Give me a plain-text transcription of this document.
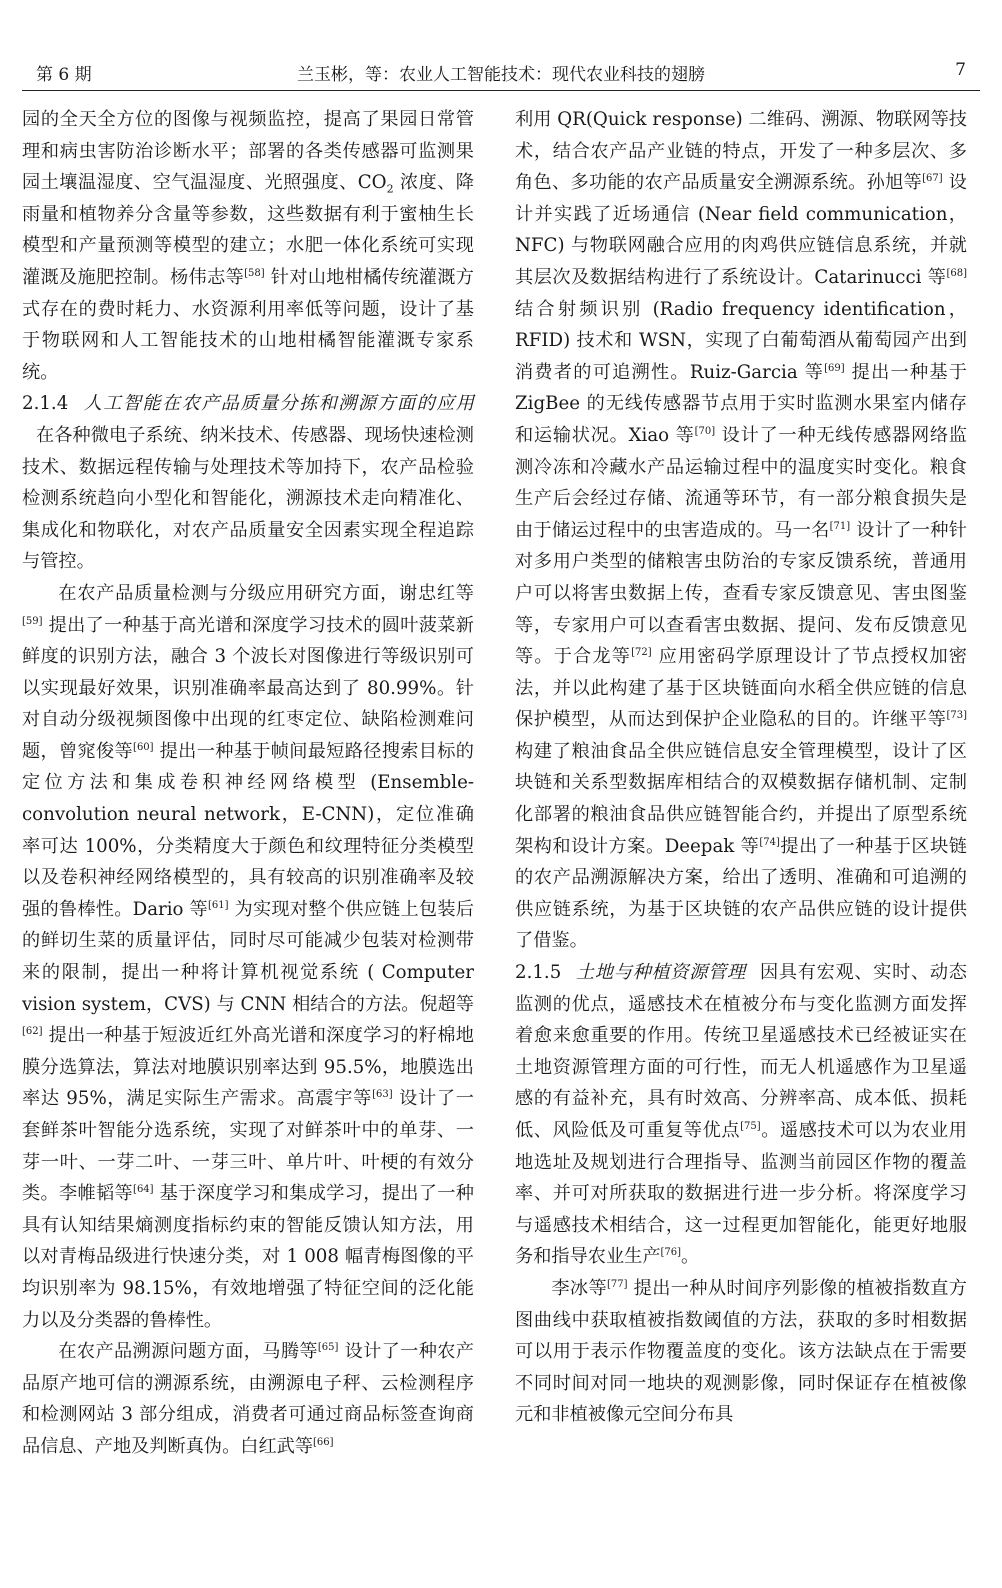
第 6 期	兰玉彬，等：农业人工智能技术：现代农业科技的翅膀	7

园的全天全方位的图像与视频监控，提高了果园日常管理和病虫害防治诊断水平；部署的各类传感器可监测果园土壤温湿度、空气温湿度、光照强度、$CO_2$ 浓度、降雨量和植物养分含量等参数，这些数据有利于蜜柚生长模型和产量预测等模型的建立；水肥一体化系统可实现灌溉及施肥控制。杨伟志等[58] 针对山地柑橘传统灌溉方式存在的费时耗力、水资源利用率低等问题，设计了基于物联网和人工智能技术的山地柑橘智能灌溉专家系统。

2.1.4 人工智能在农产品质量分拣和溯源方面的应用在各种微电子系统、纳米技术、传感器、现场快速检测技术、数据远程传输与处理技术等加持下，农产品检验检测系统趋向小型化和智能化，溯源技术走向精准化、集成化和物联化，对农产品质量安全因素实现全程追踪与管控。

在农产品质量检测与分级应用研究方面，谢忠红等[59] 提出了一种基于高光谱和深度学习技术的圆叶菠菜新鲜度的识别方法，融合 3 个波长对图像进行等级识别可以实现最好效果，识别准确率最高达到了 80.99%。针对自动分级视频图像中出现的红枣定位、缺陷检测难问题，曾窕俊等[60] 提出一种基于帧间最短路径搜索目标的定位方法和集成卷积神经网络模型 (Ensemble-convolution neural network，E-CNN)，定位准确率可达 100%，分类精度大于颜色和纹理特征分类模型以及卷积神经网络模型的，具有较高的识别准确率及较强的鲁棒性。Dario 等[61] 为实现对整个供应链上包装后的鲜切生菜的质量评估，同时尽可能减少包装对检测带来的限制，提出一种将计算机视觉系统 ( Computer vision system，CVS) 与 CNN 相结合的方法。倪超等[62] 提出一种基于短波近红外高光谱和深度学习的籽棉地膜分选算法，算法对地膜识别率达到 95.5%，地膜选出率达 95%，满足实际生产需求。高震宇等[63] 设计了一套鲜茶叶智能分选系统，实现了对鲜茶叶中的单芽、一芽一叶、一芽二叶、一芽三叶、单片叶、叶梗的有效分类。李帷韬等[64] 基于深度学习和集成学习，提出了一种具有认知结果熵测度指标约束的智能反馈认知方法，用以对青梅品级进行快速分类，对 1 008 幅青梅图像的平均识别率为 98.15%，有效地增强了特征空间的泛化能力以及分类器的鲁棒性。

在农产品溯源问题方面，马腾等[65] 设计了一种农产品原产地可信的溯源系统，由溯源电子秤、云检测程序和检测网站 3 部分组成，消费者可通过商品标签查询商品信息、产地及判断真伪。白红武等[66]

利用 QR(Quick response) 二维码、溯源、物联网等技术，结合农产品产业链的特点，开发了一种多层次、多角色、多功能的农产品质量安全溯源系统。孙旭等[67] 设计并实践了近场通信 (Near field communication，NFC) 与物联网融合应用的肉鸡供应链信息系统，并就其层次及数据结构进行了系统设计。Catarinucci 等[68] 结合射频识别 (Radio frequency identification，RFID) 技术和 WSN，实现了白葡萄酒从葡萄园产出到消费者的可追溯性。Ruiz-Garcia 等[69] 提出一种基于 ZigBee 的无线传感器节点用于实时监测水果室内储存和运输状况。Xiao 等[70] 设计了一种无线传感器网络监测冷冻和冷藏水产品运输过程中的温度实时变化。粮食生产后会经过存储、流通等环节，有一部分粮食损失是由于储运过程中的虫害造成的。马一名[71] 设计了一种针对多用户类型的储粮害虫防治的专家反馈系统，普通用户可以将害虫数据上传，查看专家反馈意见、害虫图鉴等，专家用户可以查看害虫数据、提问、发布反馈意见等。于合龙等[72] 应用密码学原理设计了节点授权加密法，并以此构建了基于区块链面向水稻全供应链的信息保护模型，从而达到保护企业隐私的目的。许继平等[73] 构建了粮油食品全供应链信息安全管理模型，设计了区块链和关系型数据库相结合的双模数据存储机制、定制化部署的粮油食品供应链智能合约，并提出了原型系统架构和设计方案。Deepak 等[74]提出了一种基于区块链的农产品溯源解决方案，给出了透明、准确和可追溯的供应链系统，为基于区块链的农产品供应链的设计提供了借鉴。

2.1.5 土地与种植资源管理 因具有宏观、实时、动态监测的优点，遥感技术在植被分布与变化监测方面发挥着愈来愈重要的作用。传统卫星遥感技术已经被证实在土地资源管理方面的可行性，而无人机遥感作为卫星遥感的有益补充，具有时效高、分辨率高、成本低、损耗低、风险低及可重复等优点[75]。遥感技术可以为农业用地选址及规划进行合理指导、监测当前园区作物的覆盖率、并可对所获取的数据进行进一步分析。将深度学习与遥感技术相结合，这一过程更加智能化，能更好地服务和指导农业生产[76]。

李冰等[77] 提出一种从时间序列影像的植被指数直方图曲线中获取植被指数阈值的方法，获取的多时相数据可以用于表示作物覆盖度的变化。该方法缺点在于需要不同时间对同一地块的观测影像，同时保证存在植被像元和非植被像元空间分布具
